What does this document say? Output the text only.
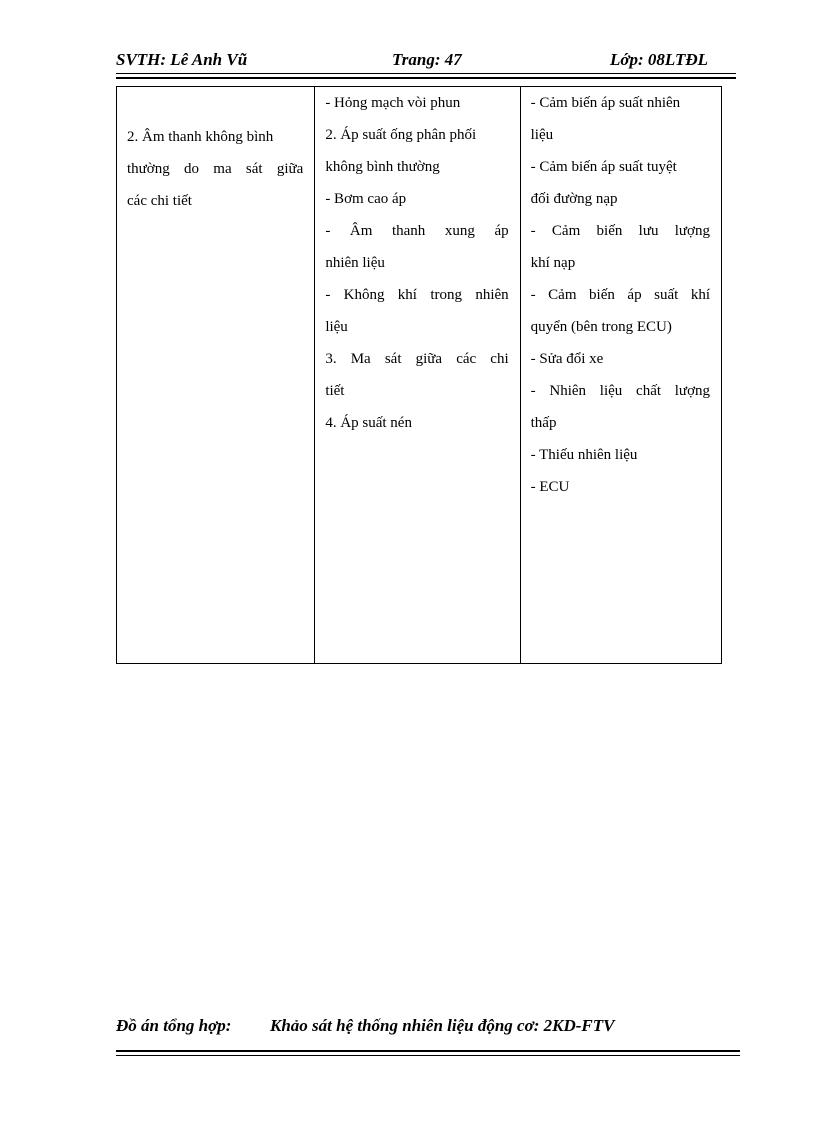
SVTH: Lê Anh Vũ	Trang: 47	Lớp: 08LTĐL
2. Âm thanh không bình
thường do ma sát giữa
các chi tiết

- Hỏng mạch vòi phun
2. Áp suất ống phân phối
không bình thường
- Bơm cao áp
- Âm thanh xung áp
nhiên liệu
- Không khí trong nhiên
liệu
3. Ma sát giữa các chi
tiết
4. Áp suất nén

- Cảm biến áp suất nhiên
liệu
- Cảm biến áp suất tuyệt
đối đường nạp
- Cảm biến lưu lượng
khí nạp
- Cảm biến áp suất khí
quyển (bên trong ECU)
- Sửa đổi xe
- Nhiên liệu chất lượng
thấp
- Thiếu nhiên liệu
- ECU
Đồ án tổng hợp: Khảo sát hệ thống nhiên liệu động cơ: 2KD-FTV
